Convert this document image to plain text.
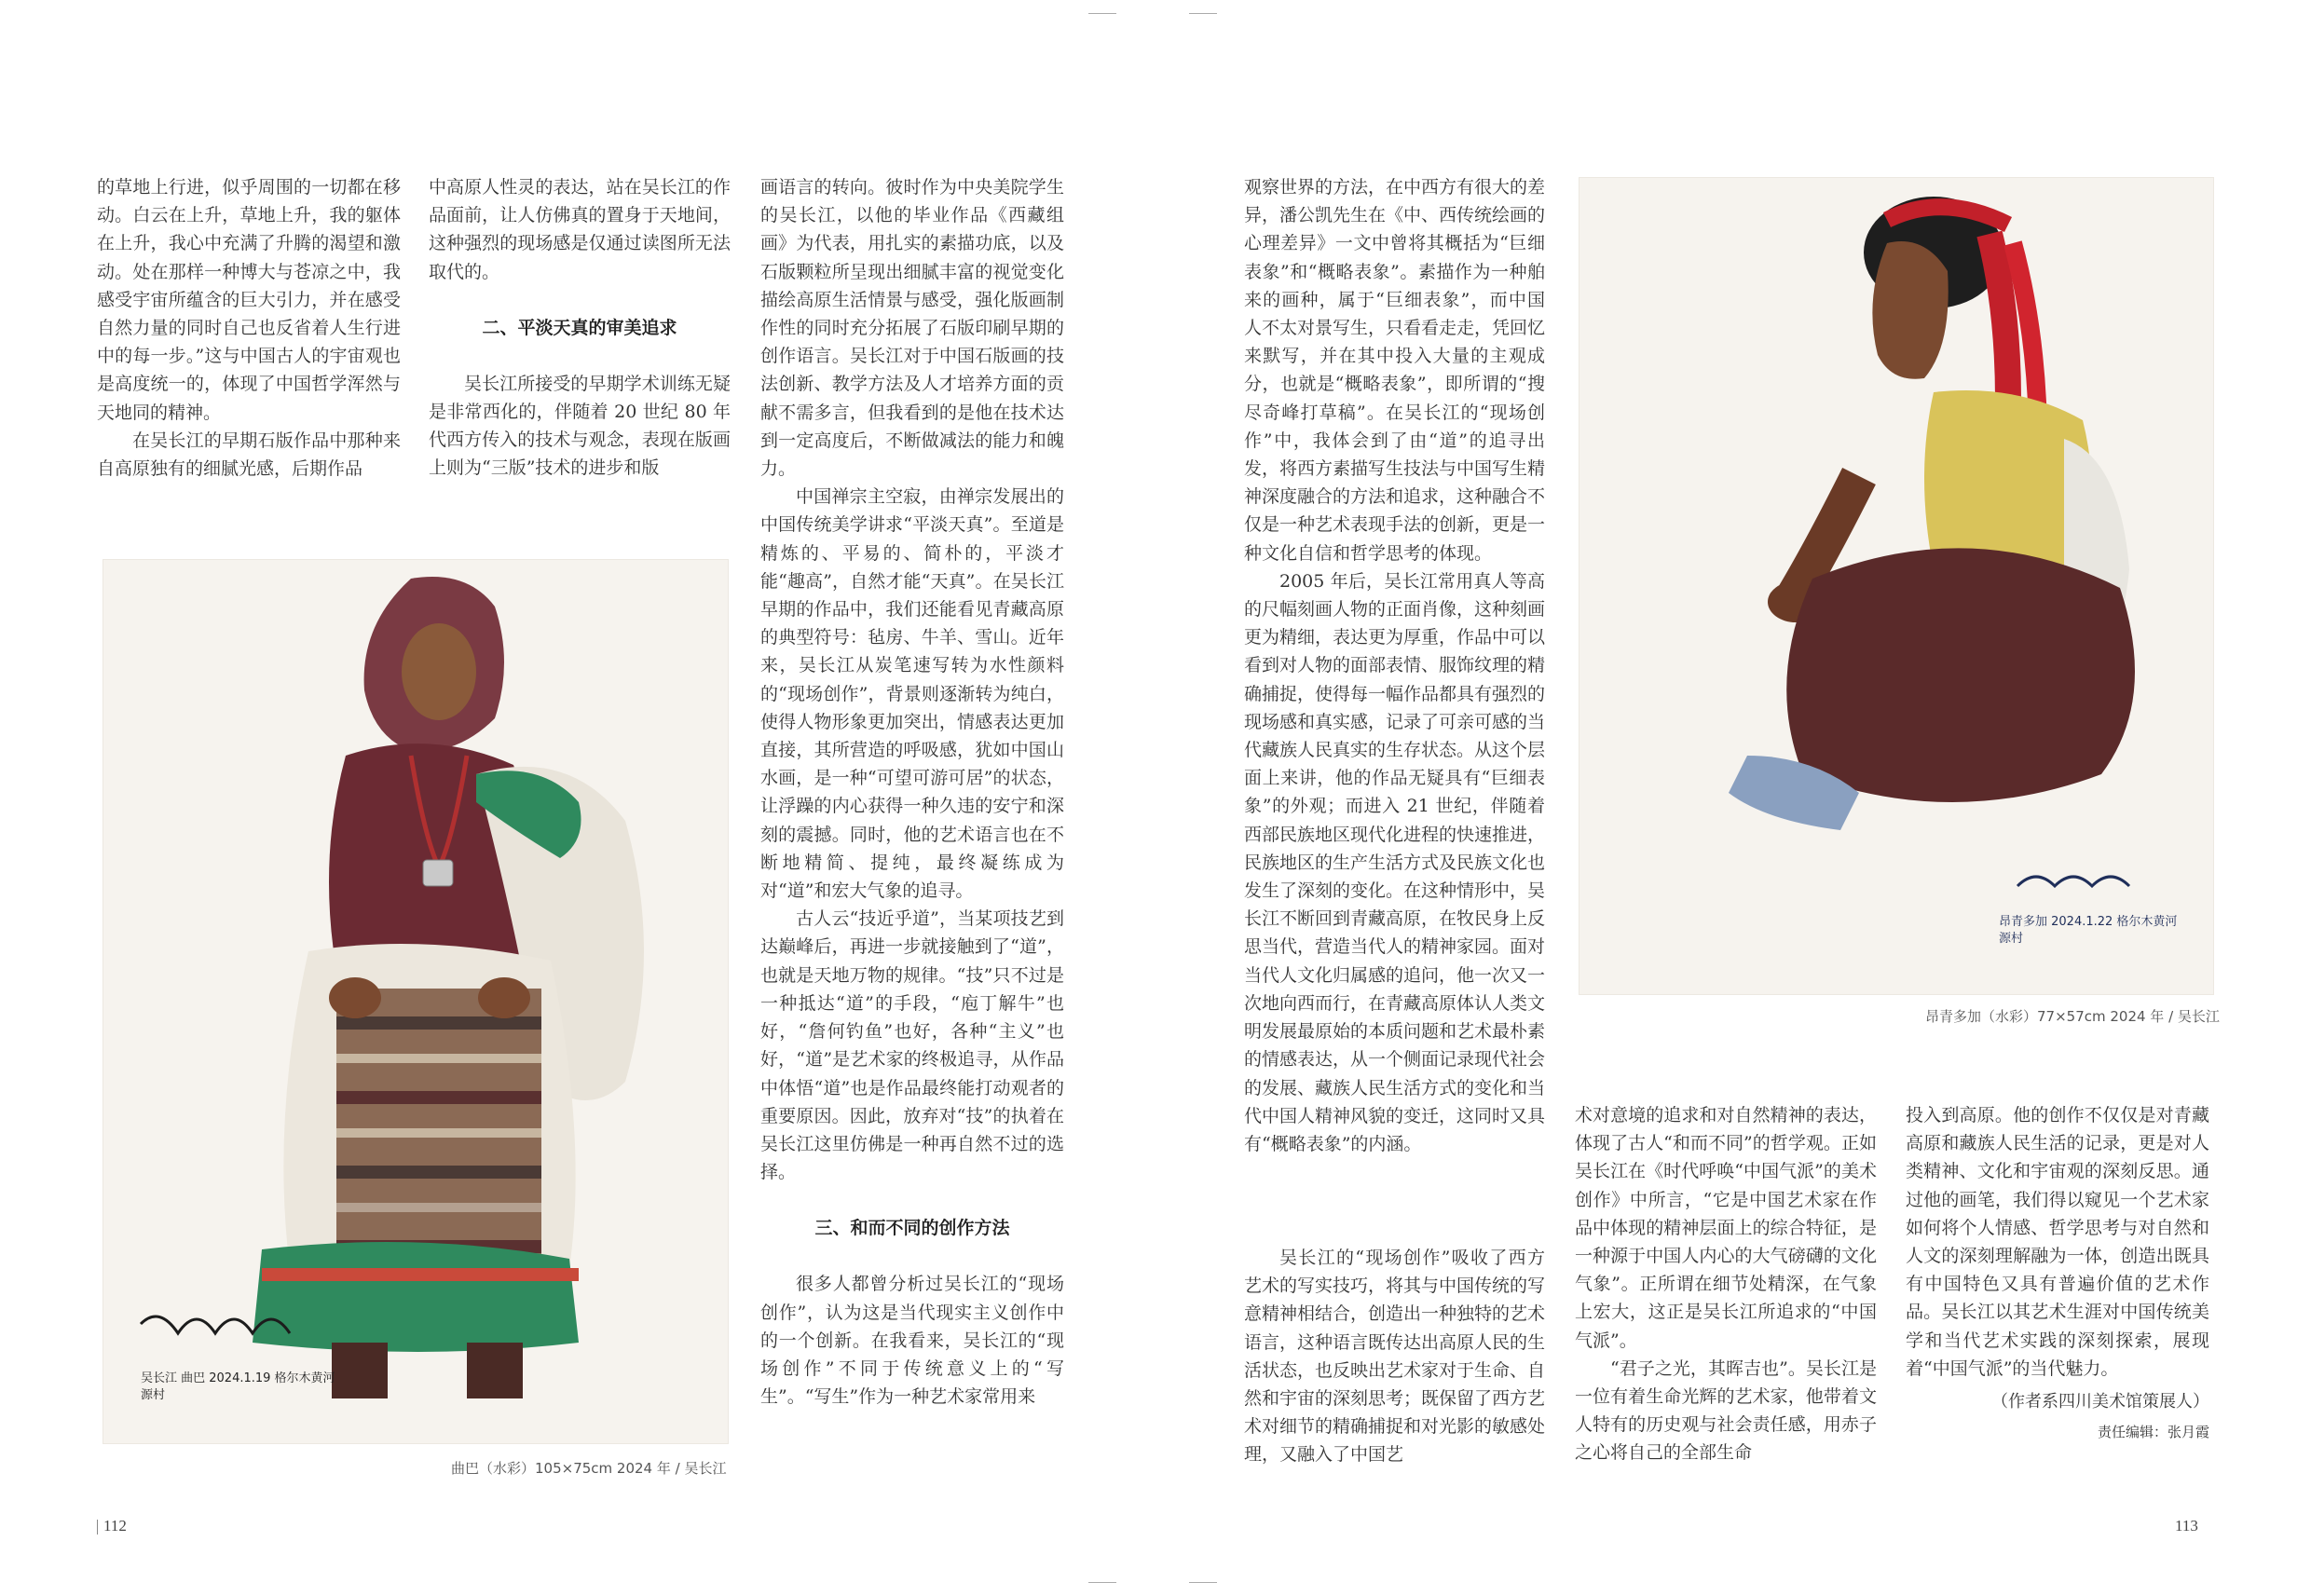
的草地上行进，似乎周围的一切都在移动。白云在上升，草地上升，我的躯体在上升，我心中充满了升腾的渴望和激动。处在那样一种博大与苍凉之中，我感受宇宙所蕴含的巨大引力，并在感受自然力量的同时自己也反省着人生行进中的每一步。”这与中国古人的宇宙观也是高度统一的，体现了中国哲学浑然与天地同的精神。

在吴长江的早期石版作品中那种来自高原独有的细腻光感，后期作品

中高原人性灵的表达，站在吴长江的作品面前，让人仿佛真的置身于天地间，这种强烈的现场感是仅通过读图所无法取代的。

二、平淡天真的审美追求

吴长江所接受的早期学术训练无疑是非常西化的，伴随着 20 世纪 80 年代西方传入的技术与观念，表现在版画上则为“三版”技术的进步和版

画语言的转向。彼时作为中央美院学生的吴长江，以他的毕业作品《西藏组画》为代表，用扎实的素描功底，以及石版颗粒所呈现出细腻丰富的视觉变化描绘高原生活情景与感受，强化版画制作性的同时充分拓展了石版印刷早期的创作语言。吴长江对于中国石版画的技法创新、教学方法及人才培养方面的贡献不需多言，但我看到的是他在技术达到一定高度后，不断做减法的能力和魄力。

中国禅宗主空寂，由禅宗发展出的中国传统美学讲求“平淡天真”。至道是精炼的、平易的、简朴的，平淡才能“趣高”，自然才能“天真”。在吴长江早期的作品中，我们还能看见青藏高原的典型符号：毡房、牛羊、雪山。近年来，吴长江从炭笔速写转为水性颜料的“现场创作”，背景则逐渐转为纯白，使得人物形象更加突出，情感表达更加直接，其所营造的呼吸感，犹如中国山水画，是一种“可望可游可居”的状态，让浮躁的内心获得一种久违的安宁和深刻的震撼。同时，他的艺术语言也在不断地精简、提纯，最终凝练成为对“道”和宏大气象的追寻。

古人云“技近乎道”，当某项技艺到达巅峰后，再进一步就接触到了“道”，也就是天地万物的规律。“技”只不过是一种抵达“道”的手段，“庖丁解牛”也好，“詹何钓鱼”也好，各种“主义”也好，“道”是艺术家的终极追寻，从作品中体悟“道”也是作品最终能打动观者的重要原因。因此，放弃对“技”的执着在吴长江这里仿佛是一种再自然不过的选择。

三、和而不同的创作方法

很多人都曾分析过吴长江的“现场创作”，认为这是当代现实主义创作中的一个创新。在我看来，吴长江的“现场创作”不同于传统意义上的“写生”。“写生”作为一种艺术家常用来

吴长江 曲巴 2024.1.19 格尔木黄河源村
曲巴（水彩）105×75cm 2024 年 / 吴长江
112

观察世界的方法，在中西方有很大的差异，潘公凯先生在《中、西传统绘画的心理差异》一文中曾将其概括为“巨细表象”和“概略表象”。素描作为一种舶来的画种，属于“巨细表象”，而中国人不太对景写生，只看看走走，凭回忆来默写，并在其中投入大量的主观成分，也就是“概略表象”，即所谓的“搜尽奇峰打草稿”。在吴长江的“现场创作”中，我体会到了由“道”的追寻出发，将西方素描写生技法与中国写生精神深度融合的方法和追求，这种融合不仅是一种艺术表现手法的创新，更是一种文化自信和哲学思考的体现。

2005 年后，吴长江常用真人等高的尺幅刻画人物的正面肖像，这种刻画更为精细，表达更为厚重，作品中可以看到对人物的面部表情、服饰纹理的精确捕捉，使得每一幅作品都具有强烈的现场感和真实感，记录了可亲可感的当代藏族人民真实的生存状态。从这个层面上来讲，他的作品无疑具有“巨细表象”的外观；而进入 21 世纪，伴随着西部民族地区现代化进程的快速推进，民族地区的生产生活方式及民族文化也发生了深刻的变化。在这种情形中，吴长江不断回到青藏高原，在牧民身上反思当代，营造当代人的精神家园。面对当代人文化归属感的追问，他一次又一次地向西而行，在青藏高原体认人类文明发展最原始的本质问题和艺术最朴素的情感表达，从一个侧面记录现代社会的发展、藏族人民生活方式的变化和当代中国人精神风貌的变迁，这同时又具有“概略表象”的内涵。

昂青多加 2024.1.22 格尔木黄河源村
昂青多加（水彩）77×57cm 2024 年 / 吴长江

术对意境的追求和对自然精神的表达，体现了古人“和而不同”的哲学观。正如吴长江在《时代呼唤“中国气派”的美术创作》中所言，“它是中国艺术家在作品中体现的精神层面上的综合特征，是一种源于中国人内心的大气磅礴的文化气象”。正所谓在细节处精深，在气象上宏大，这正是吴长江所追求的“中国气派”。

“君子之光，其晖吉也”。吴长江是一位有着生命光辉的艺术家，他带着文人特有的历史观与社会责任感，用赤子之心将自己的全部生命

吴长江的“现场创作”吸收了西方艺术的写实技巧，将其与中国传统的写意精神相结合，创造出一种独特的艺术语言，这种语言既传达出高原人民的生活状态，也反映出艺术家对于生命、自然和宇宙的深刻思考；既保留了西方艺术对细节的精确捕捉和对光影的敏感处理，又融入了中国艺

投入到高原。他的创作不仅仅是对青藏高原和藏族人民生活的记录，更是对人类精神、文化和宇宙观的深刻反思。通过他的画笔，我们得以窥见一个艺术家如何将个人情感、哲学思考与对自然和人文的深刻理解融为一体，创造出既具有中国特色又具有普遍价值的艺术作品。吴长江以其艺术生涯对中国传统美学和当代艺术实践的深刻探索，展现着“中国气派”的当代魅力。

（作者系四川美术馆策展人）
责任编辑：张月霞
113
